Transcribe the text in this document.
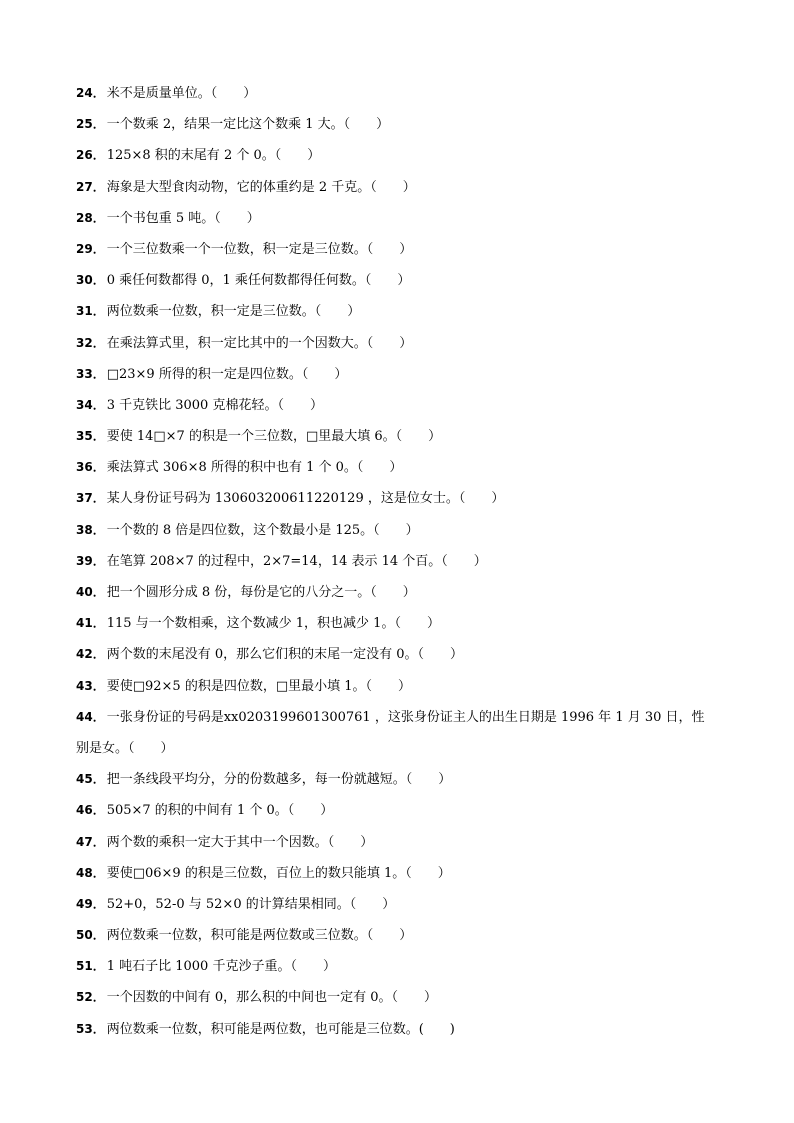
24． 米不是质量单位。（　　）
25． 一个数乘 2，结果一定比这个数乘 1 大。（　　）
26． 125×8 积的末尾有 2 个 0。（　　）
27． 海象是大型食肉动物，它的体重约是 2 千克。（　　）
28． 一个书包重 5 吨。（　　）
29． 一个三位数乘一个一位数，积一定是三位数。（　　）
30． 0 乘任何数都得 0，1 乘任何数都得任何数。（　　）
31． 两位数乘一位数，积一定是三位数。（　　）
32． 在乘法算式里，积一定比其中的一个因数大。（　　）
33． □23×9 所得的积一定是四位数。（　　）
34． 3 千克铁比 3000 克棉花轻。（　　）
35． 要使 14□×7 的积是一个三位数，□里最大填 6。（　　）
36． 乘法算式 306×8 所得的积中也有 1 个 0。（　　）
37． 某人身份证号码为 130603200611220129 ，这是位女士。（　　）
38． 一个数的 8 倍是四位数，这个数最小是 125。（　　）
39． 在笔算 208×7 的过程中，2×7=14，14 表示 14 个百。（　　）
40． 把一个圆形分成 8 份，每份是它的八分之一。（　　）
41． 115 与一个数相乘，这个数减少 1，积也减少 1。（　　）
42． 两个数的末尾没有 0，那么它们积的末尾一定没有 0。（　　）
43． 要使□92×5 的积是四位数，□里最小填 1。（　　）
44． 一张身份证的号码是xx0203199601300761 ，这张身份证主人的出生日期是 1996 年 1 月 30 日，性别是女。（　　）
45． 把一条线段平均分，分的份数越多，每一份就越短。（　　）
46． 505×7 的积的中间有 1 个 0。（　　）
47． 两个数的乘积一定大于其中一个因数。（　　）
48． 要使□06×9 的积是三位数，百位上的数只能填 1。（　　）
49． 52+0，52-0 与 52×0 的计算结果相同。（　　）
50． 两位数乘一位数，积可能是两位数或三位数。（　　）
51． 1 吨石子比 1000 千克沙子重。（　　）
52． 一个因数的中间有 0，那么积的中间也一定有 0。（　　）
53． 两位数乘一位数，积可能是两位数，也可能是三位数。(　　)
